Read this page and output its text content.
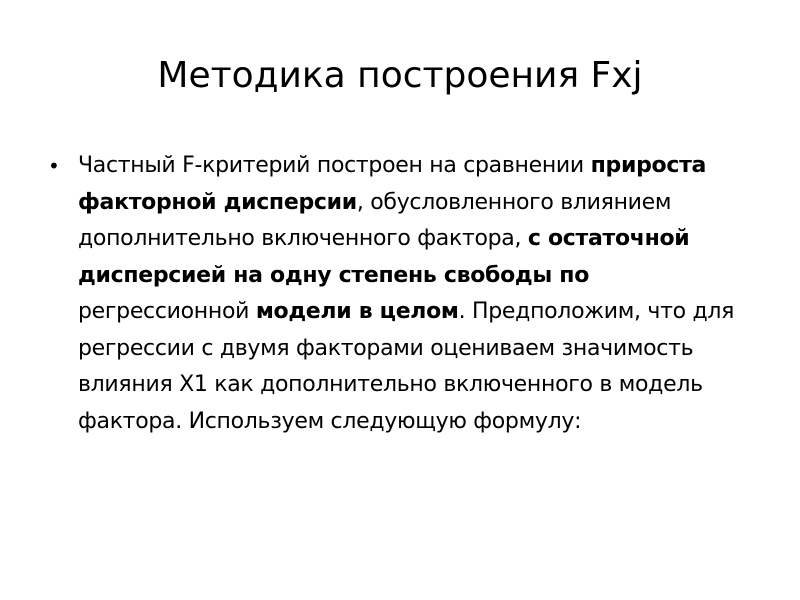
Методика построения Fxj
• Частный F-критерий построен на сравнении прироста факторной дисперсии, обусловленного влиянием дополнительно включенного фактора, с остаточной дисперсией на одну степень свободы по регрессионной модели в целом. Предположим, что для регрессии с двумя факторами оцениваем значимость влияния X1 как дополнительно включенного в модель фактора. Используем следующую формулу:
